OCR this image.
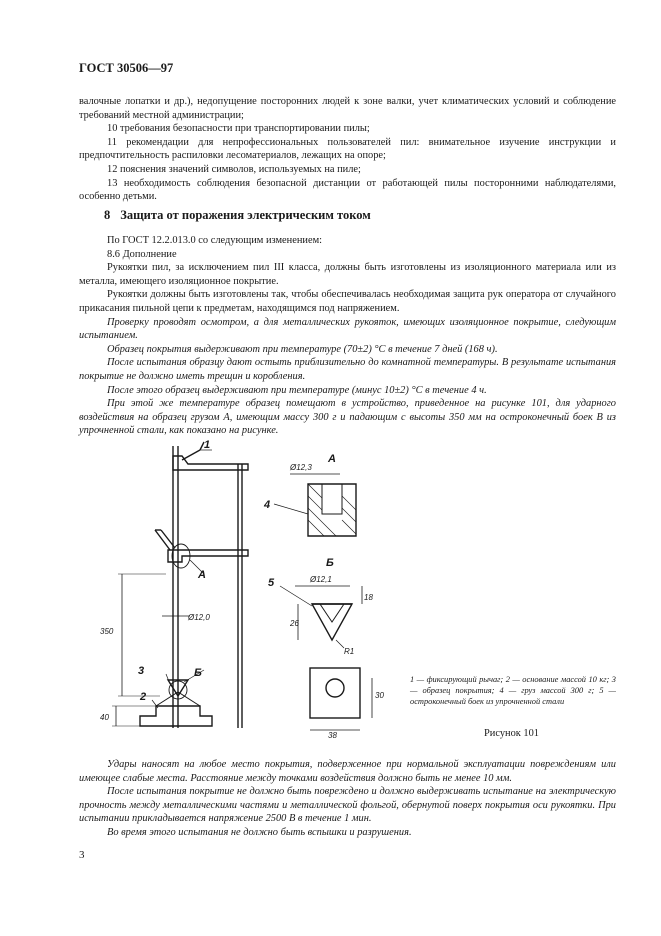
ГОСТ 30506—97

валочные лопатки и др.), недопущение посторонних людей к зоне валки, учет климатических условий и соблюдение требований местной администрации;

10 требования безопасности при транспортировании пилы;

11 рекомендации для непрофессиональных пользователей пил: внимательное изучение инструкции и предпочтительность распиловки лесоматериалов, лежащих на опоре;

12 пояснения значений символов, используемых на пиле;

13 необходимость соблюдения безопасной дистанции от работающей пилы посторонними наблюдателями, особенно детьми.

8 Защита от поражения электрическим током

По ГОСТ 12.2.013.0 со следующим изменением:

8.6 Дополнение

Рукоятки пил, за исключением пил III класса, должны быть изготовлены из изоляционного материала или из металла, имеющего изоляционное покрытие.

Рукоятки должны быть изготовлены так, чтобы обеспечивалась необходимая защита рук оператора от случайного прикасания пильной цепи к предметам, находящимся под напряжением.

Проверку проводят осмотром, а для металлических рукояток, имеющих изоляционное покрытие, следующим испытанием.

Образец покрытия выдерживают при температуре (70±2) °С в течение 7 дней (168 ч).

После испытания образцу дают остыть приблизительно до комнатной температуры. В результате испытания покрытие не должно иметь трещин и коробления.

После этого образец выдерживают при температуре (минус 10±2) °С в течение 4 ч.

При этой же температуре образец помещают в устройство, приведенное на рисунке 101, для ударного воздействия на образец грузом A, имеющим массу 300 г и падающим с высоты 350 мм на остроконечный боек B из упрочненной стали, как показано на рисунке.

1
A
Б
3
2
A
4
Б
5
350
40
Ø12,0
Ø12,3
Ø12,1
26
18
R1
30
38
1 — фиксирующий рычаг; 2 — основание массой 10 кг; 3 — образец покрытия; 4 — груз массой 300 г; 5 — остроконечный боек из упрочненной стали
Рисунок 101

Удары наносят на любое место покрытия, подверженное при нормальной эксплуатации повреждениям или имеющее слабые места. Расстояние между точками воздействия должно быть не менее 10 мм.

После испытания покрытие не должно быть повреждено и должно выдерживать испытание на электрическую прочность между металлическими частями и металлической фольгой, обернутой поверх покрытия оси рукоятки. При испытании прикладывается напряжение 2500 В в течение 1 мин.

Во время этого испытания не должно быть вспышки и разрушения.

3
